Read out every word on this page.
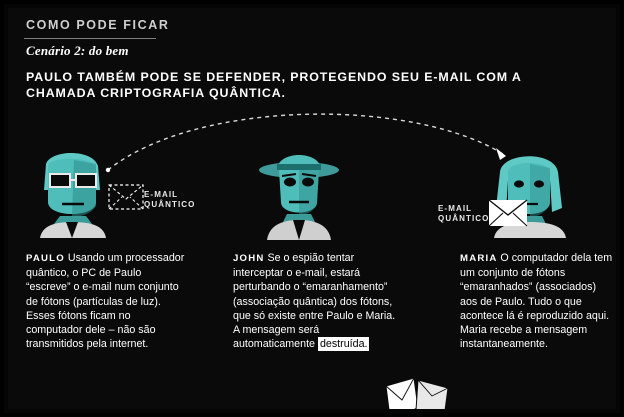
COMO PODE FICAR
Cenário 2: do bem
PAULO TAMBÉM PODE SE DEFENDER, PROTEGENDO SEU E-MAIL COM A CHAMADA CRIPTOGRAFIA QUÂNTICA.
E-MAIL
QUÂNTICO	E-MAIL
QUÂNTICO
PAULO Usando um processador quântico, o PC de Paulo “escreve” o e-mail num conjunto de fótons (partículas de luz). Esses fótons ficam no computador dele – não são transmitidos pela internet.
JOHN Se o espião tentar interceptar o e-mail, estará perturbando o “emaranhamento” (associação quântica) dos fótons, que só existe entre Paulo e Maria. A mensagem será automaticamente destruída.
MARIA O computador dela tem um conjunto de fótons “emaranhados” (associados) aos de Paulo. Tudo o que acontece lá é reproduzido aqui. Maria recebe a mensagem instantaneamente.
